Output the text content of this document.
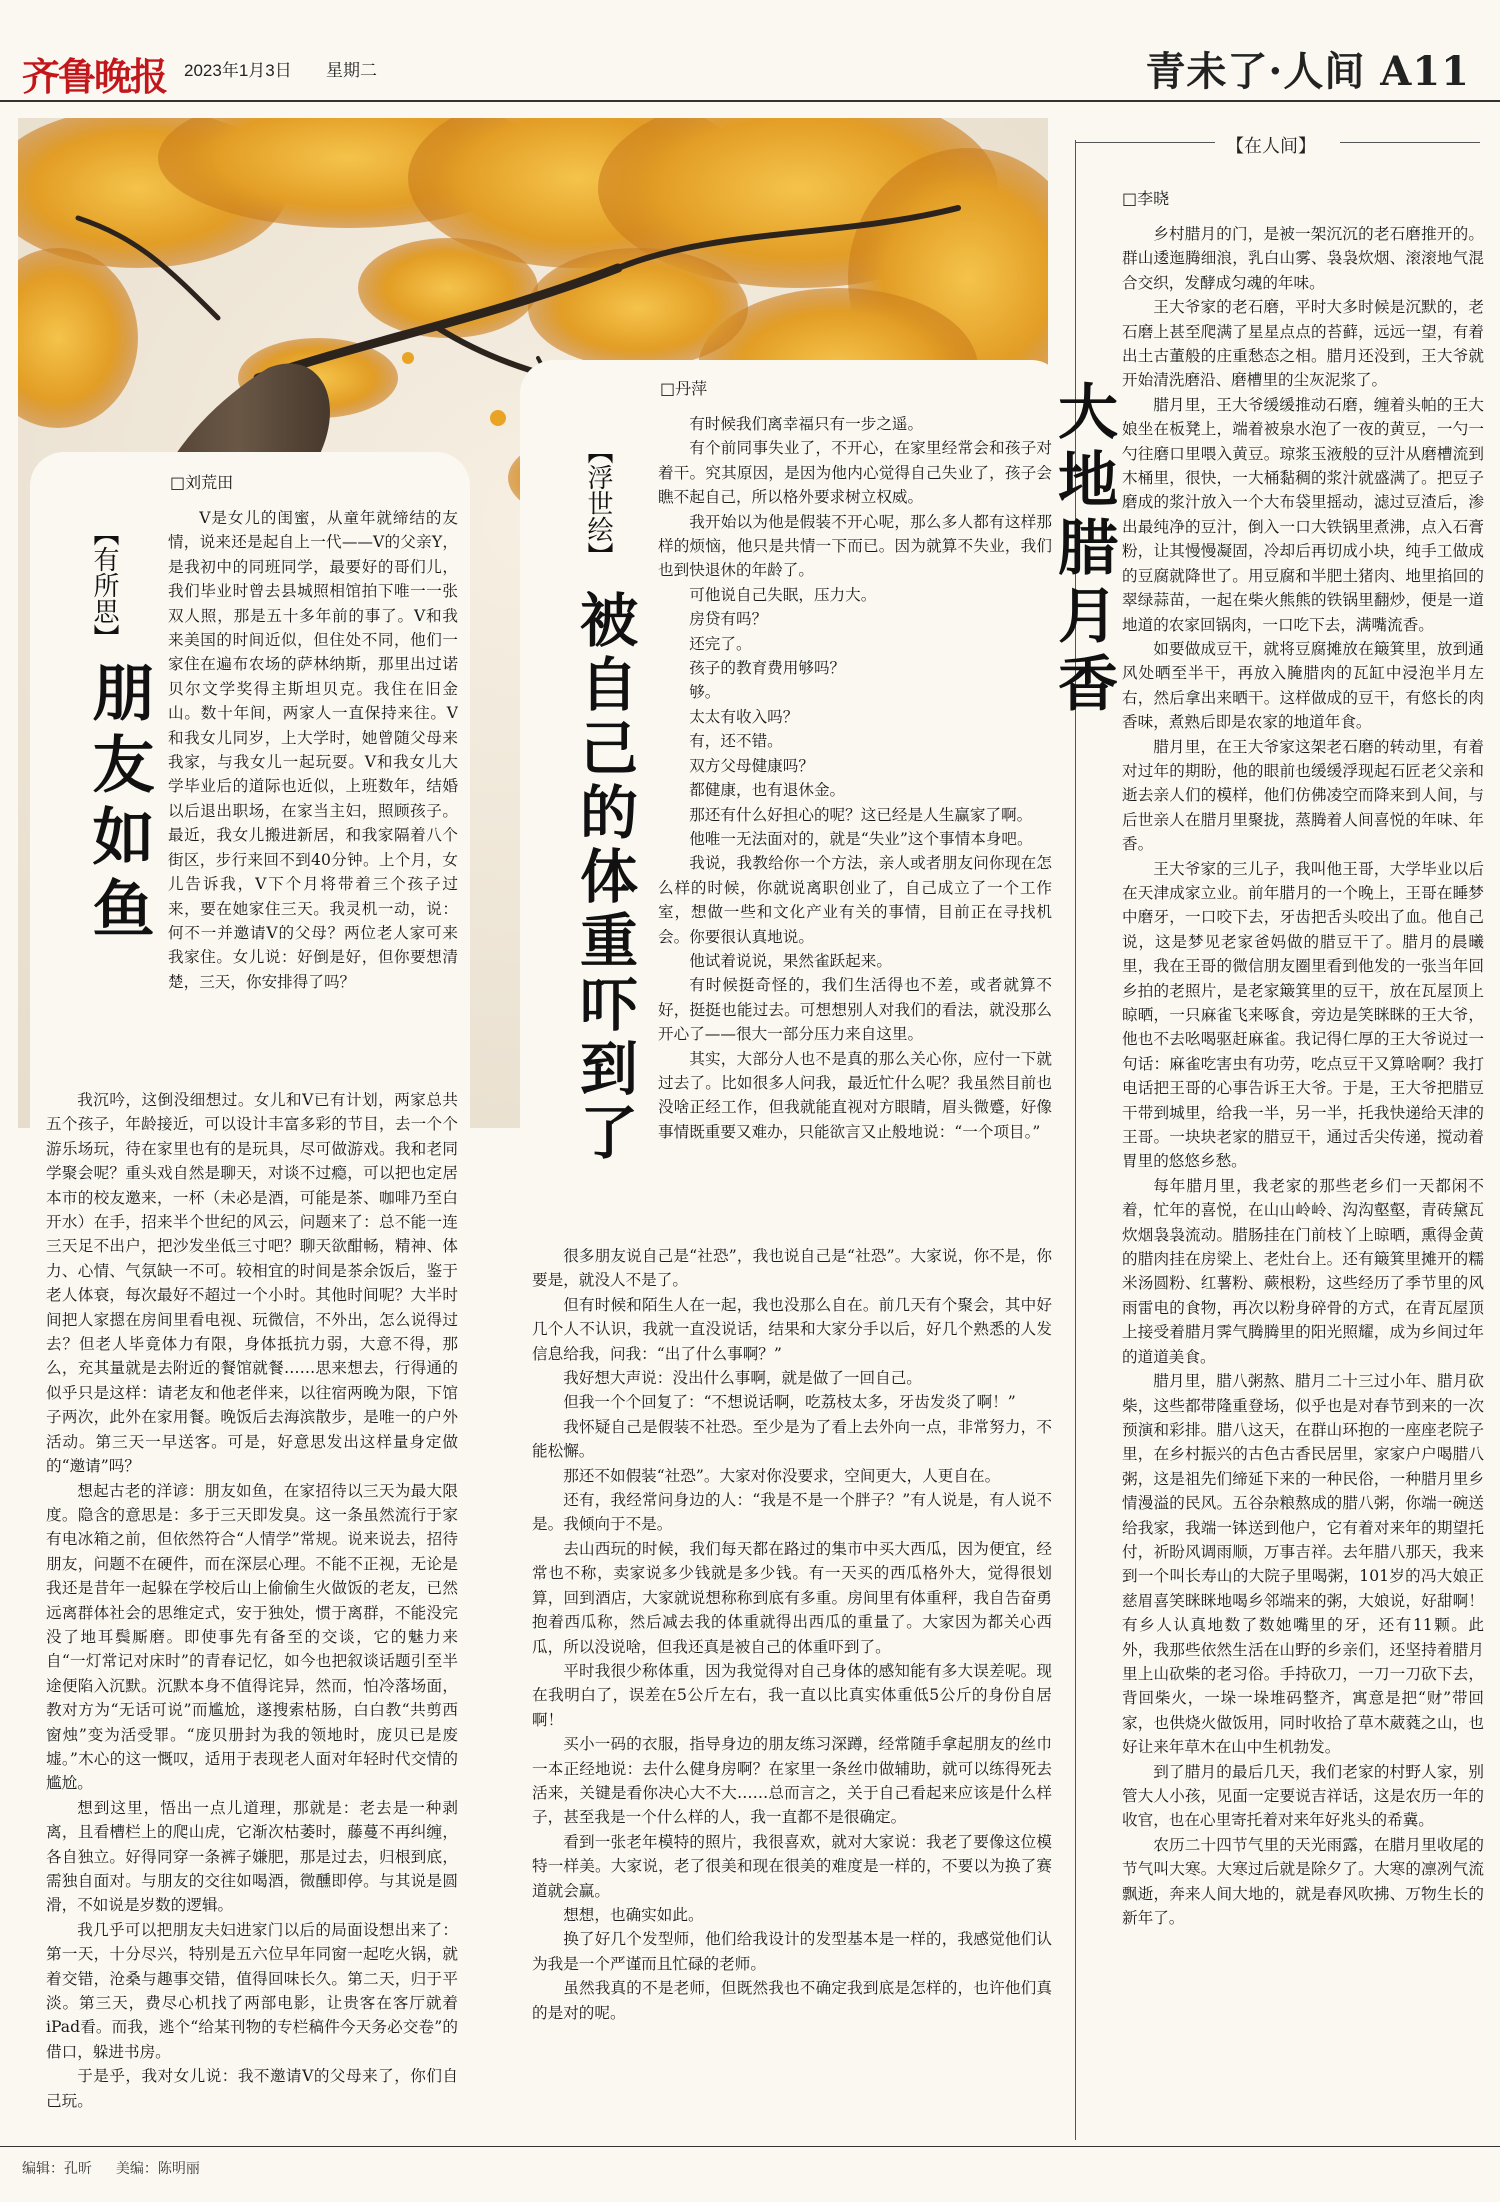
齐鲁晚报 2023年1月3日 星期二	青未了·人间 A11
【有所思】
朋友如鱼
□刘荒田

V是女儿的闺蜜，从童年就缔结的友情，说来还是起自上一代——V的父亲Y，是我初中的同班同学，最要好的哥们儿，我们毕业时曾去县城照相馆拍下唯一一张双人照，那是五十多年前的事了。V和我来美国的时间近似，但住处不同，他们一家住在遍布农场的萨林纳斯，那里出过诺贝尔文学奖得主斯坦贝克。我住在旧金山。数十年间，两家人一直保持来往。V和我女儿同岁，上大学时，她曾随父母来我家，与我女儿一起玩耍。V和我女儿大学毕业后的道际也近似，上班数年，结婚以后退出职场，在家当主妇，照顾孩子。最近，我女儿搬进新居，和我家隔着八个街区，步行来回不到40分钟。上个月，女儿告诉我，V下个月将带着三个孩子过来，要在她家住三天。我灵机一动，说：何不一并邀请V的父母？两位老人家可来我家住。女儿说：好倒是好，但你要想清楚，三天，你安排得了吗？

我沉吟，这倒没细想过。女儿和V已有计划，两家总共五个孩子，年龄接近，可以设计丰富多彩的节目，去一个个游乐场玩，待在家里也有的是玩具，尽可做游戏。我和老同学聚会呢？重头戏自然是聊天，对谈不过瘾，可以把也定居本市的校友邀来，一杯（未必是酒，可能是茶、咖啡乃至白开水）在手，招来半个世纪的风云，问题来了：总不能一连三天足不出户，把沙发坐低三寸吧？聊天欲酣畅，精神、体力、心情、气氛缺一不可。较相宜的时间是茶余饭后，鉴于老人体衰，每次最好不超过一个小时。其他时间呢？大半时间把人家摁在房间里看电视、玩微信，不外出，怎么说得过去？但老人毕竟体力有限，身体抵抗力弱，大意不得，那么，充其量就是去附近的餐馆就餐……思来想去，行得通的似乎只是这样：请老友和他老伴来，以往宿两晚为限，下馆子两次，此外在家用餐。晚饭后去海滨散步，是唯一的户外活动。第三天一早送客。可是，好意思发出这样量身定做的“邀请”吗？

想起古老的洋谚：朋友如鱼，在家招待以三天为最大限度。隐含的意思是：多于三天即发臭。这一条虽然流行于家有电冰箱之前，但依然符合“人情学”常规。说来说去，招待朋友，问题不在硬件，而在深层心理。不能不正视，无论是我还是昔年一起躲在学校后山上偷偷生火做饭的老友，已然远离群体社会的思维定式，安于独处，惯于离群，不能没完没了地耳鬓厮磨。即使事先有备至的交谈，它的魅力来自“一灯常记对床时”的青春记忆，如今也把叙谈话题引至半途便陷入沉默。沉默本身不值得诧异，然而，怕冷落场面，教对方为“无话可说”而尴尬，遂搜索枯肠，白白教“共剪西窗烛”变为活受罪。“庞贝册封为我的领地时，庞贝已是废墟。”木心的这一慨叹，适用于表现老人面对年轻时代交情的尴尬。

想到这里，悟出一点儿道理，那就是：老去是一种剥离，且看槽栏上的爬山虎，它渐次枯萎时，藤蔓不再纠缠，各自独立。好得同穿一条裤子嫌肥，那是过去，归根到底，需独自面对。与朋友的交往如喝酒，微醺即停。与其说是圆滑，不如说是岁数的逻辑。

我几乎可以把朋友夫妇进家门以后的局面设想出来了：第一天，十分尽兴，特别是五六位早年同窗一起吃火锅，就着交错，沧桑与趣事交错，值得回味长久。第二天，归于平淡。第三天，费尽心机找了两部电影，让贵客在客厅就着iPad看。而我，逃个“给某刊物的专栏稿件今天务必交卷”的借口，躲进书房。

于是乎，我对女儿说：我不邀请V的父母来了，你们自己玩。

【浮世绘】
被自己的体重吓到了
□丹萍

有时候我们离幸福只有一步之遥。

有个前同事失业了，不开心，在家里经常会和孩子对着干。究其原因，是因为他内心觉得自己失业了，孩子会瞧不起自己，所以格外要求树立权威。

我开始以为他是假装不开心呢，那么多人都有这样那样的烦恼，他只是共情一下而已。因为就算不失业，我们也到快退休的年龄了。

可他说自己失眠，压力大。

房贷有吗？

还完了。

孩子的教育费用够吗？

够。

太太有收入吗？

有，还不错。

双方父母健康吗？

都健康，也有退休金。

那还有什么好担心的呢？这已经是人生赢家了啊。

他唯一无法面对的，就是“失业”这个事情本身吧。

我说，我教给你一个方法，亲人或者朋友问你现在怎么样的时候，你就说离职创业了，自己成立了一个工作室，想做一些和文化产业有关的事情，目前正在寻找机会。你要很认真地说。

他试着说说，果然雀跃起来。

有时候挺奇怪的，我们生活得也不差，或者就算不好，挺挺也能过去。可想想别人对我们的看法，就没那么开心了——很大一部分压力来自这里。

其实，大部分人也不是真的那么关心你，应付一下就过去了。比如很多人问我，最近忙什么呢？我虽然目前也没啥正经工作，但我就能直视对方眼睛，眉头微蹙，好像事情既重要又难办，只能欲言又止般地说：“一个项目。”

很多朋友说自己是“社恐”，我也说自己是“社恐”。大家说，你不是，你要是，就没人不是了。

但有时候和陌生人在一起，我也没那么自在。前几天有个聚会，其中好几个人不认识，我就一直没说话，结果和大家分手以后，好几个熟悉的人发信息给我，问我：“出了什么事啊？”

我好想大声说：没出什么事啊，就是做了一回自己。

但我一个个回复了：“不想说话啊，吃荔枝太多，牙齿发炎了啊！”

我怀疑自己是假装不社恐。至少是为了看上去外向一点，非常努力，不能松懈。

那还不如假装“社恐”。大家对你没要求，空间更大，人更自在。

还有，我经常问身边的人：“我是不是一个胖子？”有人说是，有人说不是。我倾向于不是。

去山西玩的时候，我们每天都在路过的集市中买大西瓜，因为便宜，经常也不称，卖家说多少钱就是多少钱。有一天买的西瓜格外大，觉得很划算，回到酒店，大家就说想称称到底有多重。房间里有体重秤，我自告奋勇抱着西瓜称，然后减去我的体重就得出西瓜的重量了。大家因为都关心西瓜，所以没说啥，但我还真是被自己的体重吓到了。

平时我很少称体重，因为我觉得对自己身体的感知能有多大误差呢。现在我明白了，误差在5公斤左右，我一直以比真实体重低5公斤的身份自居啊！

买小一码的衣服，指导身边的朋友练习深蹲，经常随手拿起朋友的丝巾一本正经地说：去什么健身房啊？在家里一条丝巾做辅助，就可以练得死去活来，关键是看你决心大不大……总而言之，关于自己看起来应该是什么样子，甚至我是一个什么样的人，我一直都不是很确定。

看到一张老年模特的照片，我很喜欢，就对大家说：我老了要像这位模特一样美。大家说，老了很美和现在很美的难度是一样的，不要以为换了赛道就会赢。

想想，也确实如此。

换了好几个发型师，他们给我设计的发型基本是一样的，我感觉他们认为我是一个严谨而且忙碌的老师。

虽然我真的不是老师，但既然我也不确定我到底是怎样的，也许他们真的是对的呢。

【在人间】
□李晓
大地腊月香

乡村腊月的门，是被一架沉沉的老石磨推开的。群山逶迤腾细浪，乳白山雾、袅袅炊烟、滚滚地气混合交织，发酵成匀魂的年味。

王大爷家的老石磨，平时大多时候是沉默的，老石磨上甚至爬满了星星点点的苔藓，远远一望，有着出土古董般的庄重愁态之相。腊月还没到，王大爷就开始清洗磨沿、磨槽里的尘灰泥浆了。

腊月里，王大爷缓缓推动石磨，缠着头帕的王大娘坐在板凳上，端着被泉水泡了一夜的黄豆，一勺一勺往磨口里喂入黄豆。琼浆玉液般的豆汁从磨槽流到木桶里，很快，一大桶黏稠的浆汁就盛满了。把豆子磨成的浆汁放入一个大布袋里摇动，滤过豆渣后，渗出最纯净的豆汁，倒入一口大铁锅里煮沸，点入石膏粉，让其慢慢凝固，冷却后再切成小块，纯手工做成的豆腐就降世了。用豆腐和半肥土猪肉、地里掐回的翠绿蒜苗，一起在柴火熊熊的铁锅里翻炒，便是一道地道的农家回锅肉，一口吃下去，满嘴流香。

如要做成豆干，就将豆腐摊放在簸箕里，放到通风处晒至半干，再放入腌腊肉的瓦缸中浸泡半月左右，然后拿出来晒干。这样做成的豆干，有悠长的肉香味，煮熟后即是农家的地道年食。

腊月里，在王大爷家这架老石磨的转动里，有着对过年的期盼，他的眼前也缓缓浮现起石匠老父亲和逝去亲人们的模样，他们仿佛凌空而降来到人间，与后世亲人在腊月里聚拢，蒸腾着人间喜悦的年味、年香。

王大爷家的三儿子，我叫他王哥，大学毕业以后在天津成家立业。前年腊月的一个晚上，王哥在睡梦中磨牙，一口咬下去，牙齿把舌头咬出了血。他自己说，这是梦见老家爸妈做的腊豆干了。腊月的晨曦里，我在王哥的微信朋友圈里看到他发的一张当年回乡拍的老照片，是老家簸箕里的豆干，放在瓦屋顶上晾晒，一只麻雀飞来啄食，旁边是笑眯眯的王大爷，他也不去吆喝驱赶麻雀。我记得仁厚的王大爷说过一句话：麻雀吃害虫有功劳，吃点豆干又算啥啊？我打电话把王哥的心事告诉王大爷。于是，王大爷把腊豆干带到城里，给我一半，另一半，托我快递给天津的王哥。一块块老家的腊豆干，通过舌尖传递，搅动着胃里的悠悠乡愁。

每年腊月里，我老家的那些老乡们一天都闲不着，忙年的喜悦，在山山岭岭、沟沟壑壑，青砖黛瓦炊烟袅袅流动。腊肠挂在门前枝丫上晾晒，熏得金黄的腊肉挂在房梁上、老灶台上。还有簸箕里摊开的糯米汤圆粉、红薯粉、蕨根粉，这些经历了季节里的风雨雷电的食物，再次以粉身碎骨的方式，在青瓦屋顶上接受着腊月霁气腾腾里的阳光照耀，成为乡间过年的道道美食。

腊月里，腊八粥熬、腊月二十三过小年、腊月砍柴，这些都带隆重登场，似乎也是对春节到来的一次预演和彩排。腊八这天，在群山环抱的一座座老院子里，在乡村振兴的古色古香民居里，家家户户喝腊八粥，这是祖先们缔延下来的一种民俗，一种腊月里乡情漫溢的民风。五谷杂粮熬成的腊八粥，你端一碗送给我家，我端一钵送到他户，它有着对来年的期望托付，祈盼风调雨顺，万事吉祥。去年腊八那天，我来到一个叫长寿山的大院子里喝粥，101岁的冯大娘正慈眉喜笑眯眯地喝乡邻端来的粥，大娘说，好甜啊！有乡人认真地数了数她嘴里的牙，还有11颗。此外，我那些依然生活在山野的乡亲们，还坚持着腊月里上山砍柴的老习俗。手持砍刀，一刀一刀砍下去，背回柴火，一垛一垛堆码整齐，寓意是把“财”带回家，也供烧火做饭用，同时收拾了草木葳蕤之山，也好让来年草木在山中生机勃发。

到了腊月的最后几天，我们老家的村野人家，别管大人小孩，见面一定要说吉祥话，这是农历一年的收官，也在心里寄托着对来年好兆头的希冀。

农历二十四节气里的天光雨露，在腊月里收尾的节气叫大寒。大寒过后就是除夕了。大寒的凛冽气流飘逝，奔来人间大地的，就是春风吹拂、万物生长的新年了。

编辑：孔昕 美编：陈明丽
